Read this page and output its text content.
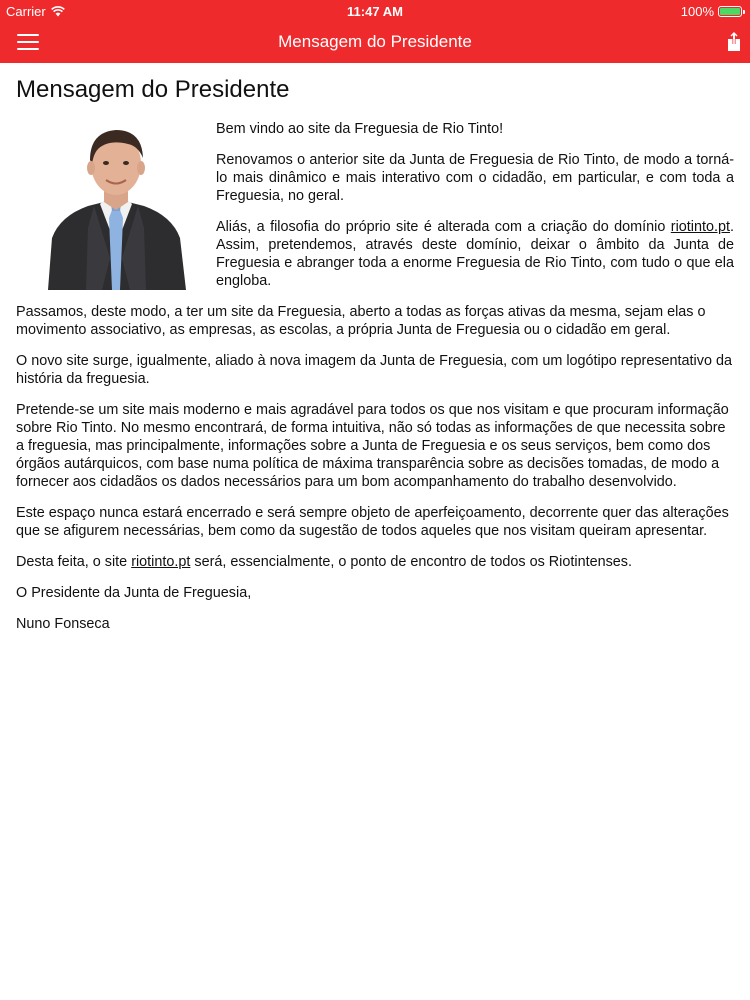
Carrier	11:47 AM	100%
Mensagem do Presidente
Mensagem do Presidente

Bem vindo ao site da Freguesia de Rio Tinto!

Renovamos o anterior site da Junta de Freguesia de Rio Tinto, de modo a torná-lo mais dinâmico e mais interativo com o cidadão, em particular, e com toda a Freguesia, no geral.

Aliás, a filosofia do próprio site é alterada com a criação do domínio riotinto.pt. Assim, pretendemos, através deste domínio, deixar o âmbito da Junta de Freguesia e abranger toda a enorme Freguesia de Rio Tinto, com tudo o que ela engloba.

Passamos, deste modo, a ter um site da Freguesia, aberto a todas as forças ativas da mesma, sejam elas o movimento associativo, as empresas, as escolas, a própria Junta de Freguesia ou o cidadão em geral.

O novo site surge, igualmente, aliado à nova imagem da Junta de Freguesia, com um logótipo representativo da história da freguesia.

Pretende-se um site mais moderno e mais agradável para todos os que nos visitam e que procuram informação sobre Rio Tinto. No mesmo encontrará, de forma intuitiva, não só todas as informações de que necessita sobre a freguesia, mas principalmente, informações sobre a Junta de Freguesia e os seus serviços, bem como dos órgãos autárquicos, com base numa política de máxima transparência sobre as decisões tomadas, de modo a fornecer aos cidadãos os dados necessários para um bom acompanhamento do trabalho desenvolvido.

Este espaço nunca estará encerrado e será sempre objeto de aperfeiçoamento, decorrente quer das alterações que se afigurem necessárias, bem como da sugestão de todos aqueles que nos visitam queiram apresentar.

Desta feita, o site riotinto.pt será, essencialmente, o ponto de encontro de todos os Riotintenses.

O Presidente da Junta de Freguesia,

Nuno Fonseca
